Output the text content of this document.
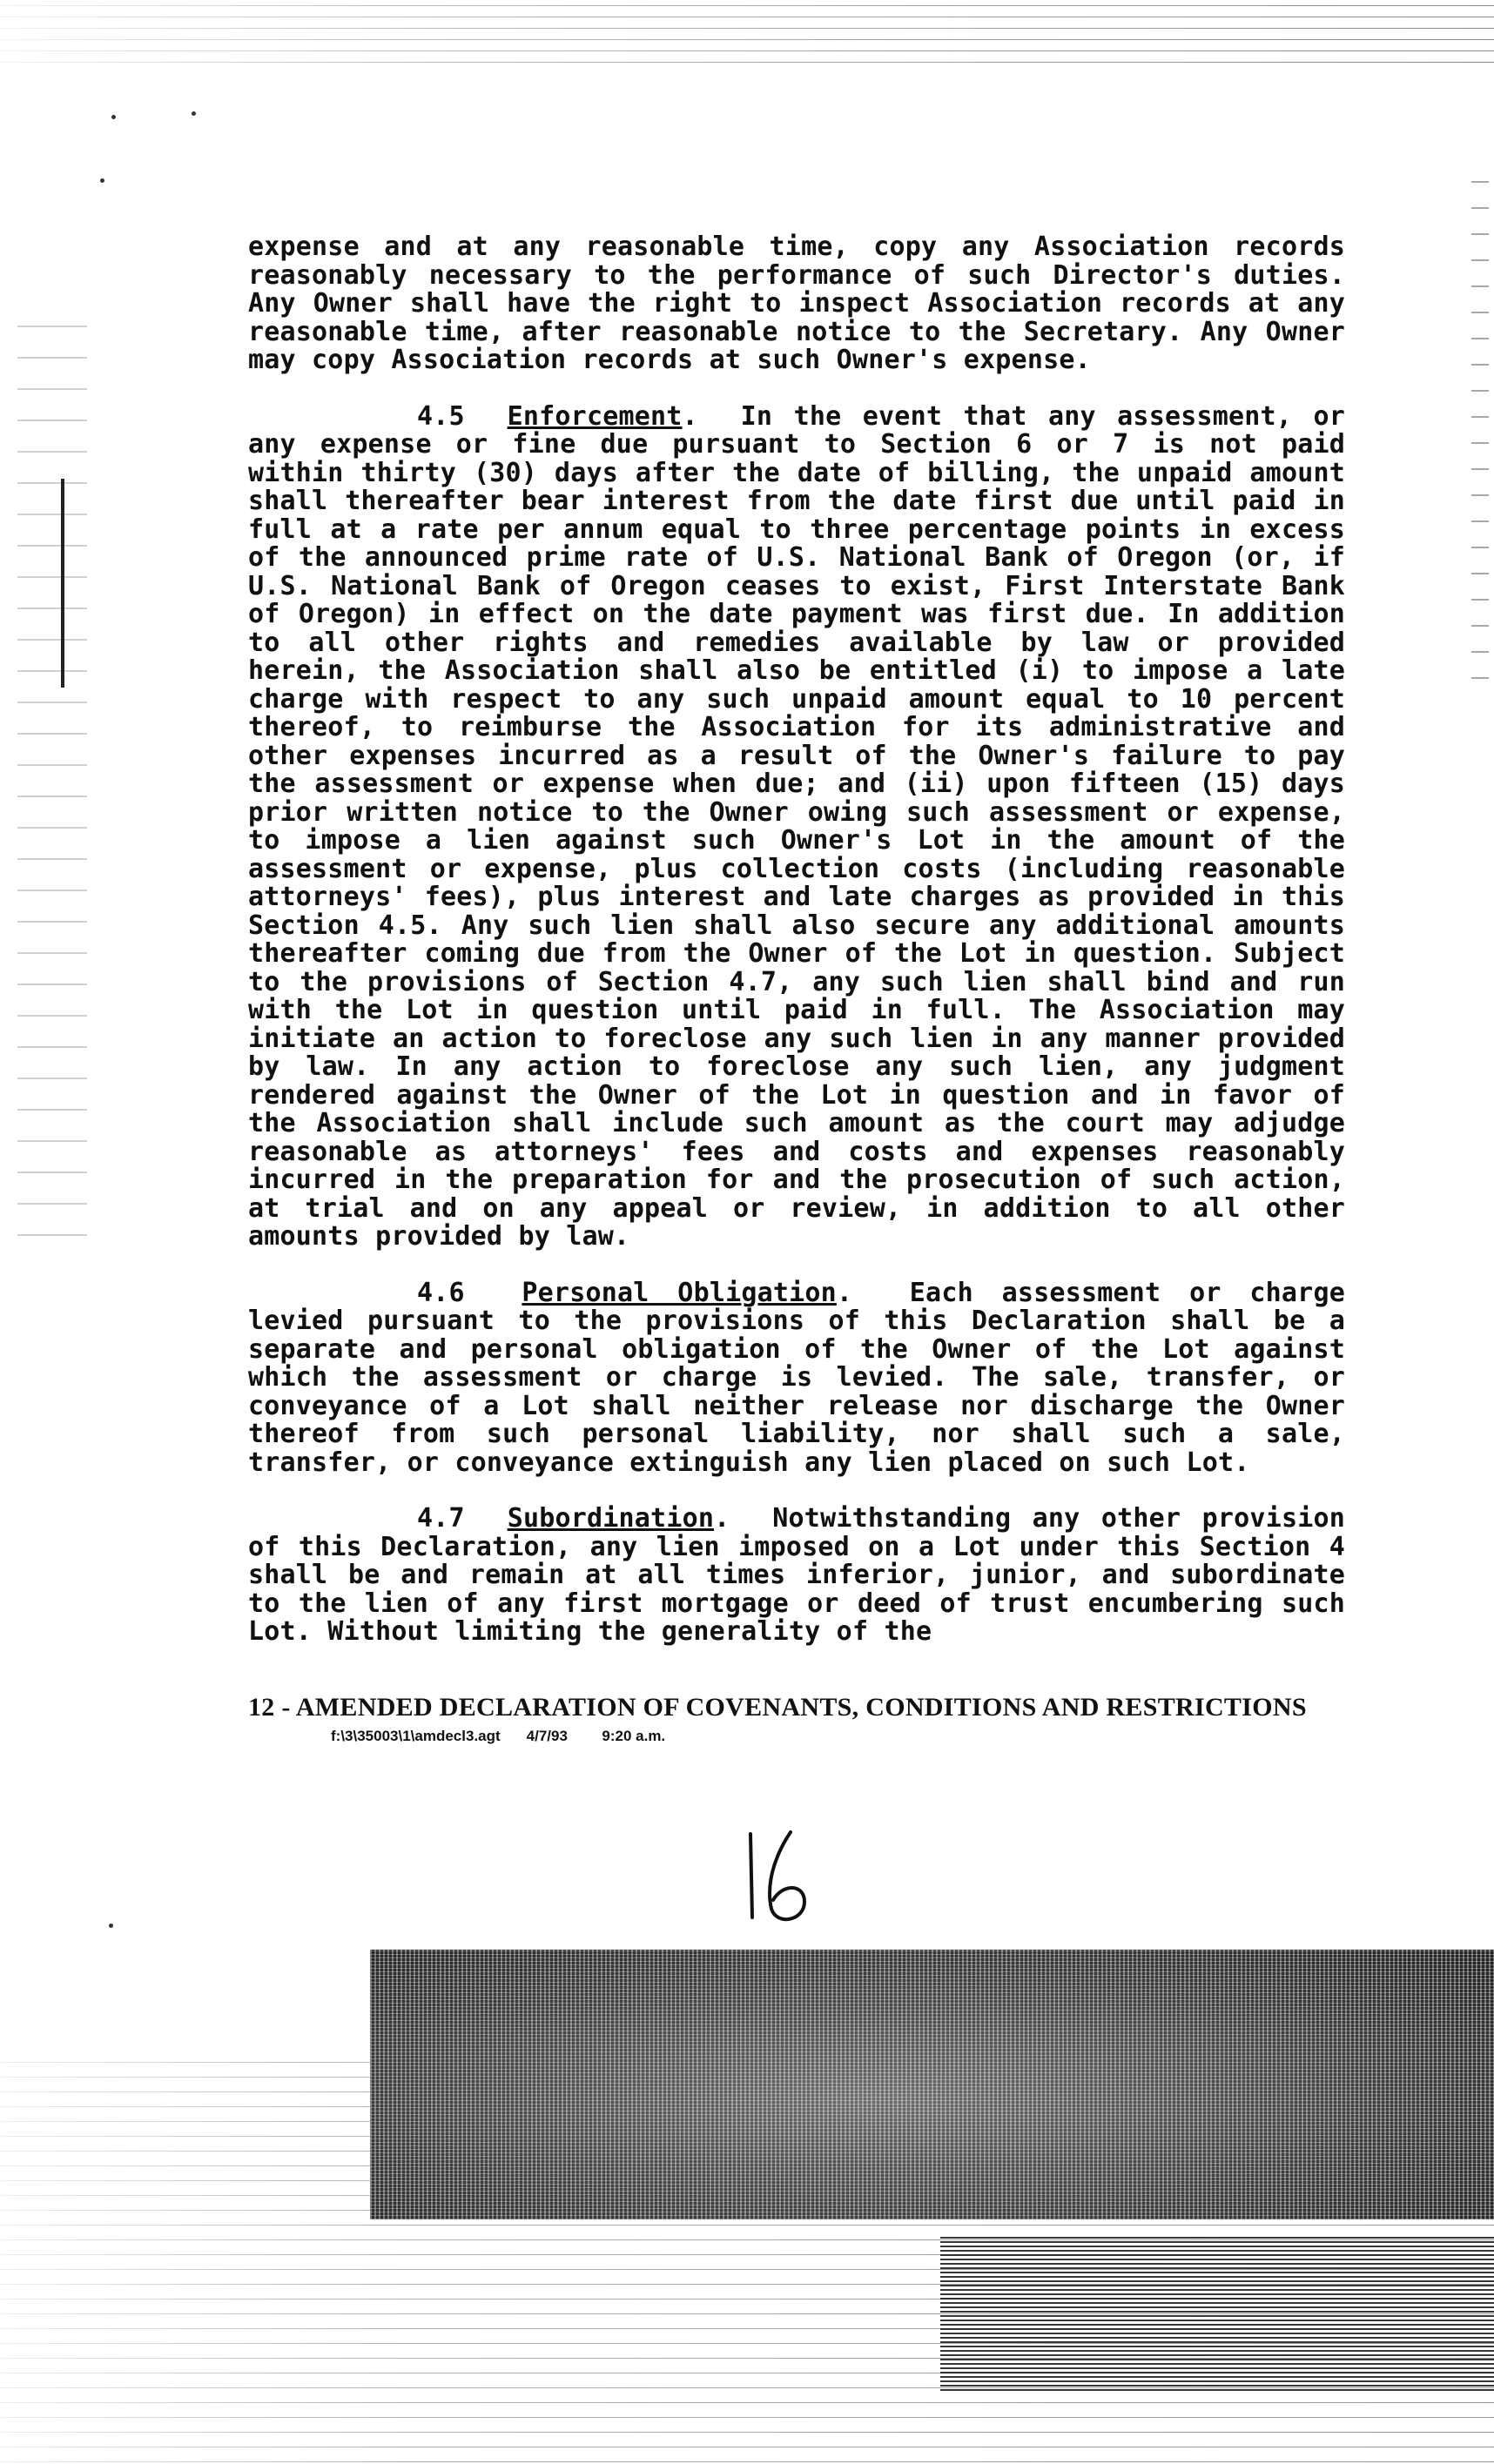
expense and at any reasonable time, copy any Association records reasonably necessary to the performance of such Director's duties. Any Owner shall have the right to inspect Association records at any reasonable time, after reasonable notice to the Secretary. Any Owner may copy Association records at such Owner's expense.

4.5 Enforcement.  In the event that any assessment, or any expense or fine due pursuant to Section 6 or 7 is not paid within thirty (30) days after the date of billing, the unpaid amount shall thereafter bear interest from the date first due until paid in full at a rate per annum equal to three percentage points in excess of the announced prime rate of U.S. National Bank of Oregon (or, if U.S. National Bank of Oregon ceases to exist, First Interstate Bank of Oregon) in effect on the date payment was first due. In addition to all other rights and remedies available by law or provided herein, the Association shall also be entitled (i) to impose a late charge with respect to any such unpaid amount equal to 10 percent thereof, to reimburse the Association for its administrative and other expenses incurred as a result of the Owner's failure to pay the assessment or expense when due; and (ii) upon fifteen (15) days prior written notice to the Owner owing such assessment or expense, to impose a lien against such Owner's Lot in the amount of the assessment or expense, plus collection costs (including reasonable attorneys' fees), plus interest and late charges as provided in this Section 4.5. Any such lien shall also secure any additional amounts thereafter coming due from the Owner of the Lot in question. Subject to the provisions of Section 4.7, any such lien shall bind and run with the Lot in question until paid in full. The Association may initiate an action to foreclose any such lien in any manner provided by law. In any action to foreclose any such lien, any judgment rendered against the Owner of the Lot in question and in favor of the Association shall include such amount as the court may adjudge reasonable as attorneys' fees and costs and expenses reasonably incurred in the preparation for and the prosecution of such action, at trial and on any appeal or review, in addition to all other amounts provided by law.

4.6 Personal Obligation.  Each assessment or charge levied pursuant to the provisions of this Declaration shall be a separate and personal obligation of the Owner of the Lot against which the assessment or charge is levied. The sale, transfer, or conveyance of a Lot shall neither release nor discharge the Owner thereof from such personal liability, nor shall such a sale, transfer, or conveyance extinguish any lien placed on such Lot.

4.7 Subordination.  Notwithstanding any other provision of this Declaration, any lien imposed on a Lot under this Section 4 shall be and remain at all times inferior, junior, and subordinate to the lien of any first mortgage or deed of trust encumbering such Lot. Without limiting the generality of the

12 - AMENDED DECLARATION OF COVENANTS, CONDITIONS AND RESTRICTIONS
f:\3\35003\1\amdecl3.agt 4/7/93 9:20 a.m.
